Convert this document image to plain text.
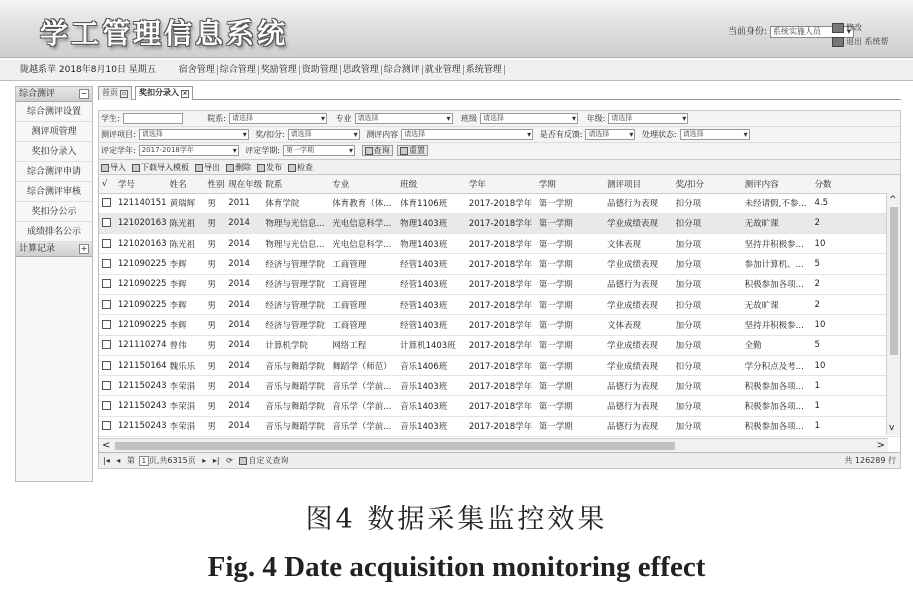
学工管理信息系统	当前身份: 系统实施人员 ▾	修改
退出 系统帮
陇越系苹 2018年8月10日 星期五	宿舍管理 综合管理 奖励管理 资助管理 思政管理 综合测评 就业管理 系统管理
综合测评	−
综合测评设置
测评项管理
奖扣分录入
综合测评申请
综合测评审核
奖扣分公示
成绩排名公示
计算记录	+
首页 ▫ 奖扣分录入 ×
学生:	院系: 请选择 ▾	专业 请选择 ▾	班级 请选择 ▾	年级: 请选择 ▾
测评项目: 请选择 ▾	奖/扣分: 请选择 ▾	测评内容 请选择 ▾	是否有反馈: 请选择 ▾	处理状态: 请选择 ▾
评定学年: 2017-2018学年 ▾	评定学期: 第一学期 ▾	查询 重置
导入 下载导入模板 导出 删除 发布 检查
√	学号	姓名	性别	现在年级	院系	专业	班级	学年	学期	测评项目	奖/扣分	测评内容	分数
	121140151	黄瑞辉	男	2011	体育学院	体育教育（体...	体育1106班	2017-2018学年	第一学期	品德行为表现	扣分项	未经请假,不参...	4.5
	121020163	陈光祖	男	2014	物理与光信息...	光电信息科学...	物理1403班	2017-2018学年	第一学期	学业成绩表现	扣分项	无故旷课	2
	121020163	陈光祖	男	2014	物理与光信息...	光电信息科学...	物理1403班	2017-2018学年	第一学期	文体表现	加分项	坚持并积极参...	10
	121090225	李辉	男	2014	经济与管理学院	工商管理	经管1403班	2017-2018学年	第一学期	学业成绩表现	加分项	参加计算机、...	5
	121090225	李辉	男	2014	经济与管理学院	工商管理	经管1403班	2017-2018学年	第一学期	品德行为表现	加分项	积极参加各项...	2
	121090225	李辉	男	2014	经济与管理学院	工商管理	经管1403班	2017-2018学年	第一学期	学业成绩表现	扣分项	无故旷课	2
	121090225	李辉	男	2014	经济与管理学院	工商管理	经管1403班	2017-2018学年	第一学期	文体表现	加分项	坚持并积极参...	10
	121110274	曾伟	男	2014	计算机学院	网络工程	计算机1403班	2017-2018学年	第一学期	学业成绩表现	加分项	全勤	5
	121150164	魏乐乐	男	2014	音乐与舞蹈学院	舞蹈学（师范）	音乐1406班	2017-2018学年	第一学期	学业成绩表现	扣分项	学分积点及考...	10
	121150243	李荣涓	男	2014	音乐与舞蹈学院	音乐学（学前...	音乐1403班	2017-2018学年	第一学期	品德行为表现	加分项	积极参加各项...	1
	121150243	李荣涓	男	2014	音乐与舞蹈学院	音乐学（学前...	音乐1403班	2017-2018学年	第一学期	品德行为表现	加分项	积极参加各项...	1
	121150243	李荣涓	男	2014	音乐与舞蹈学院	音乐学（学前...	音乐1403班	2017-2018学年	第一学期	品德行为表现	加分项	积极参加各项...	1
^
v
<	>
|◂ ◂ 第 1 页,共6315页 ▸ ▸| ⟳ 自定义查询	共 126289 行
图4 数据采集监控效果
Fig. 4 Date acquisition monitoring effect
